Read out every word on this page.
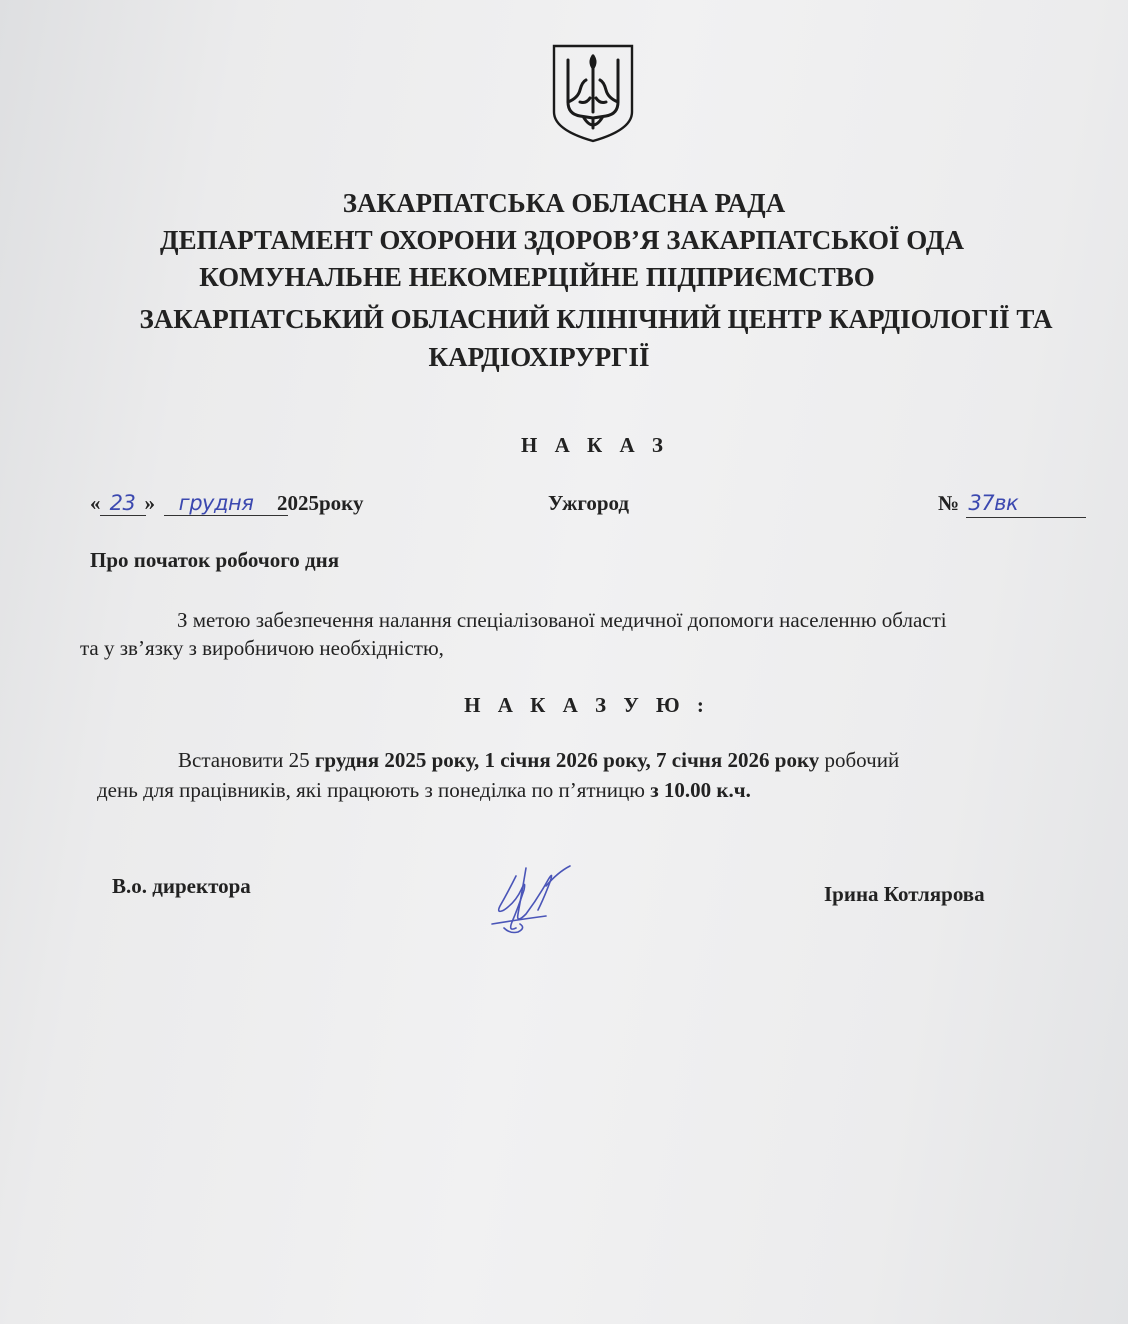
ЗАКАРПАТСЬКА ОБЛАСНА РАДА
ДЕПАРТАМЕНТ ОХОРОНИ ЗДОРОВ’Я ЗАКАРПАТСЬКОЇ ОДА
КОМУНАЛЬНЕ НЕКОМЕРЦІЙНЕ ПІДПРИЄМСТВО
ЗАКАРПАТСЬКИЙ ОБЛАСНИЙ КЛІНІЧНИЙ ЦЕНТР КАРДІОЛОГІЇ ТА
КАРДІОХІРУРГІЇ
Н А К А З
« 23 » грудня 2025року	Ужгород	№ 37вк
Про початок робочого дня
З метою забезпечення налання спеціалізованої медичної допомоги населенню області
та у зв’язку з виробничою необхідністю,
Н А К А З У Ю :
Встановити 25 грудня 2025 року, 1 січня 2026 року, 7 січня 2026 року робочий
день для працівників, які працюють з понеділка по п’ятницю з 10.00 к.ч.
В.о. директора	Ірина Котлярова
